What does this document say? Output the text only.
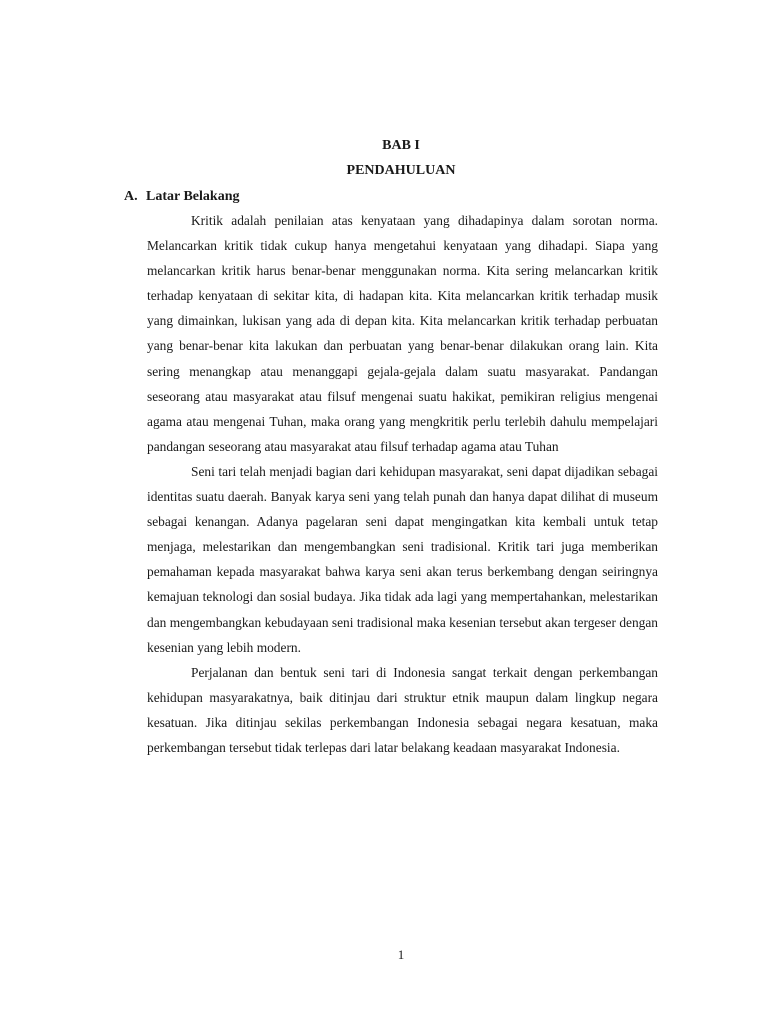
BAB I
PENDAHULUAN
A. Latar Belakang

Kritik adalah penilaian atas kenyataan yang dihadapinya dalam sorotan norma. Melancarkan kritik tidak cukup hanya mengetahui kenyataan yang dihadapi. Siapa yang melancarkan kritik harus benar-benar menggunakan norma. Kita sering melancarkan kritik terhadap kenyataan di sekitar kita, di hadapan kita. Kita melancarkan kritik terhadap musik yang dimainkan, lukisan yang ada di depan kita. Kita melancarkan kritik terhadap perbuatan yang benar-benar kita lakukan dan perbuatan yang benar-benar dilakukan orang lain. Kita sering menangkap atau menanggapi gejala-gejala dalam suatu masyarakat. Pandangan seseorang atau masyarakat atau filsuf mengenai suatu hakikat, pemikiran religius mengenai agama atau mengenai Tuhan, maka orang yang mengkritik perlu terlebih dahulu mempelajari pandangan seseorang atau masyarakat atau filsuf terhadap agama atau Tuhan

Seni tari telah menjadi bagian dari kehidupan masyarakat, seni dapat dijadikan sebagai identitas suatu daerah. Banyak karya seni yang telah punah dan hanya dapat dilihat di museum sebagai kenangan. Adanya pagelaran seni dapat mengingatkan kita kembali untuk tetap menjaga, melestarikan dan mengembangkan seni tradisional. Kritik tari juga memberikan pemahaman kepada masyarakat bahwa karya seni akan terus berkembang dengan seiringnya kemajuan teknologi dan sosial budaya. Jika tidak ada lagi yang mempertahankan, melestarikan dan mengembangkan kebudayaan seni tradisional maka kesenian tersebut akan tergeser dengan kesenian yang lebih modern.

Perjalanan dan bentuk seni tari di Indonesia sangat terkait dengan perkembangan kehidupan masyarakatnya, baik ditinjau dari struktur etnik maupun dalam lingkup negara kesatuan. Jika ditinjau sekilas perkembangan Indonesia sebagai negara kesatuan, maka perkembangan tersebut tidak terlepas dari latar belakang keadaan masyarakat Indonesia.

1
